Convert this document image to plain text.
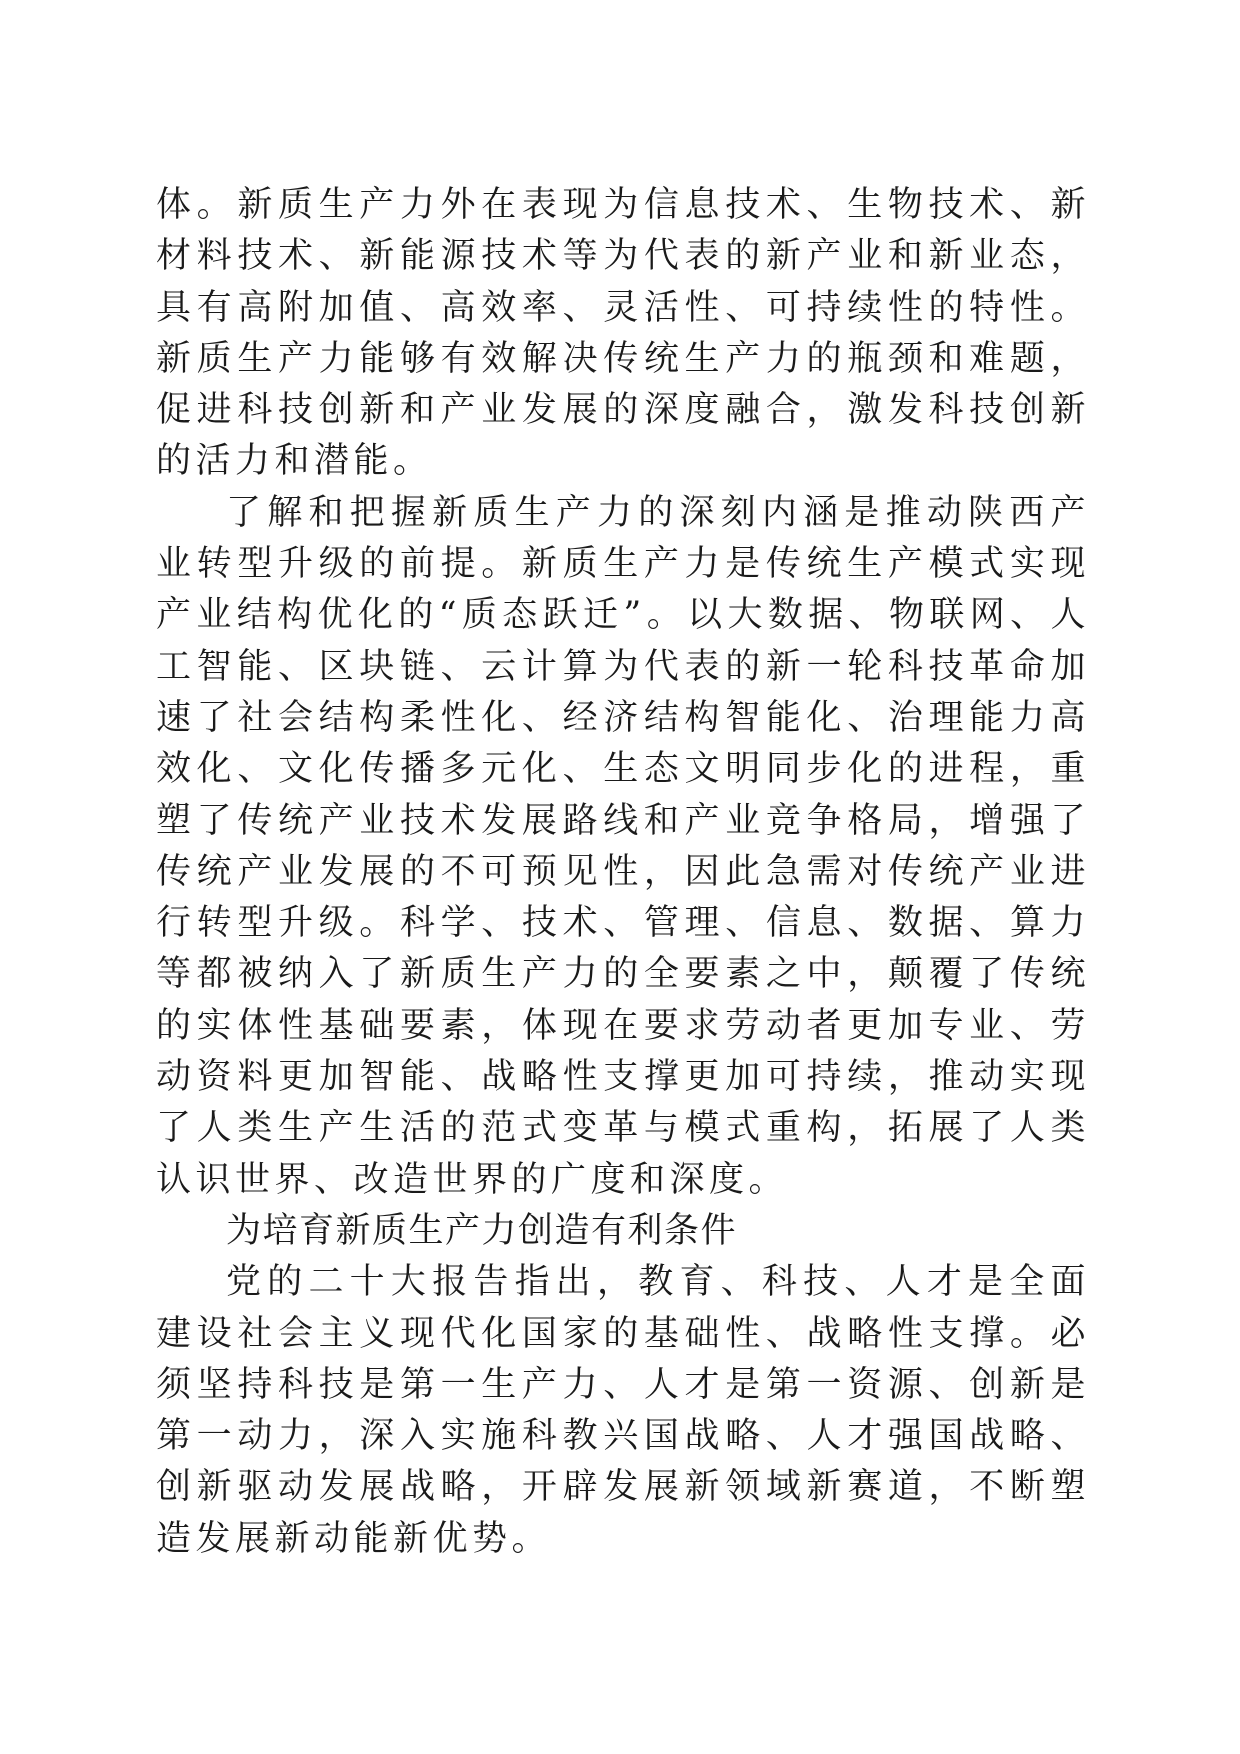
体。新质生产力外在表现为信息技术、生物技术、新材料技术、新能源技术等为代表的新产业和新业态，具有高附加值、高效率、灵活性、可持续性的特性。新质生产力能够有效解决传统生产力的瓶颈和难题，促进科技创新和产业发展的深度融合，激发科技创新的活力和潜能。

了解和把握新质生产力的深刻内涵是推动陕西产业转型升级的前提。新质生产力是传统生产模式实现产业结构优化的“质态跃迁”。以大数据、物联网、人工智能、区块链、云计算为代表的新一轮科技革命加速了社会结构柔性化、经济结构智能化、治理能力高效化、文化传播多元化、生态文明同步化的进程，重塑了传统产业技术发展路线和产业竞争格局，增强了传统产业发展的不可预见性，因此急需对传统产业进行转型升级。科学、技术、管理、信息、数据、算力等都被纳入了新质生产力的全要素之中，颠覆了传统的实体性基础要素，体现在要求劳动者更加专业、劳动资料更加智能、战略性支撑更加可持续，推动实现了人类生产生活的范式变革与模式重构，拓展了人类认识世界、改造世界的广度和深度。

为培育新质生产力创造有利条件

党的二十大报告指出，教育、科技、人才是全面建设社会主义现代化国家的基础性、战略性支撑。必须坚持科技是第一生产力、人才是第一资源、创新是第一动力，深入实施科教兴国战略、人才强国战略、创新驱动发展战略，开辟发展新领域新赛道，不断塑造发展新动能新优势。
